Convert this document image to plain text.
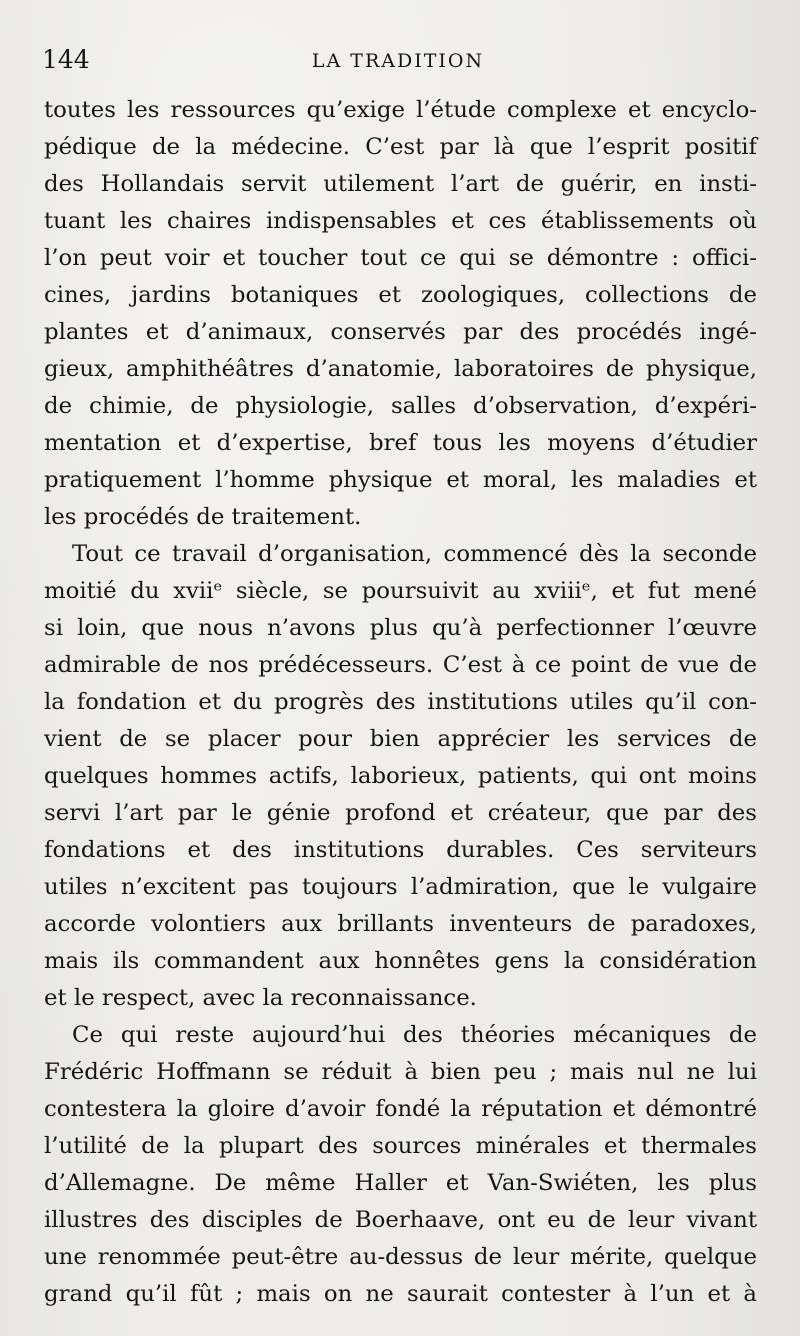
144	LA TRADITION
toutes les ressources qu’exige l’étude complexe et encyclo-
pédique de la médecine. C’est par là que l’esprit positif
des Hollandais servit utilement l’art de guérir, en insti-
tuant les chaires indispensables et ces établissements où
l’on peut voir et toucher tout ce qui se démontre : offici-
cines, jardins botaniques et zoologiques, collections de
plantes et d’animaux, conservés par des procédés ingé-
gieux, amphithéâtres d’anatomie, laboratoires de physique,
de chimie, de physiologie, salles d’observation, d’expéri-
mentation et d’expertise, bref tous les moyens d’étudier
pratiquement l’homme physique et moral, les maladies et
les procédés de traitement.
Tout ce travail d’organisation, commencé dès la seconde
moitié du xviiᵉ siècle, se poursuivit au xviiiᵉ, et fut mené
si loin, que nous n’avons plus qu’à perfectionner l’œuvre
admirable de nos prédécesseurs. C’est à ce point de vue de
la fondation et du progrès des institutions utiles qu’il con-
vient de se placer pour bien apprécier les services de
quelques hommes actifs, laborieux, patients, qui ont moins
servi l’art par le génie profond et créateur, que par des
fondations et des institutions durables. Ces serviteurs
utiles n’excitent pas toujours l’admiration, que le vulgaire
accorde volontiers aux brillants inventeurs de paradoxes,
mais ils commandent aux honnêtes gens la considération
et le respect, avec la reconnaissance.
Ce qui reste aujourd’hui des théories mécaniques de
Frédéric Hoffmann se réduit à bien peu ; mais nul ne lui
contestera la gloire d’avoir fondé la réputation et démontré
l’utilité de la plupart des sources minérales et thermales
d’Allemagne. De même Haller et Van-Swiéten, les plus
illustres des disciples de Boerhaave, ont eu de leur vivant
une renommée peut-être au-dessus de leur mérite, quelque
grand qu’il fût ; mais on ne saurait contester à l’un et à
